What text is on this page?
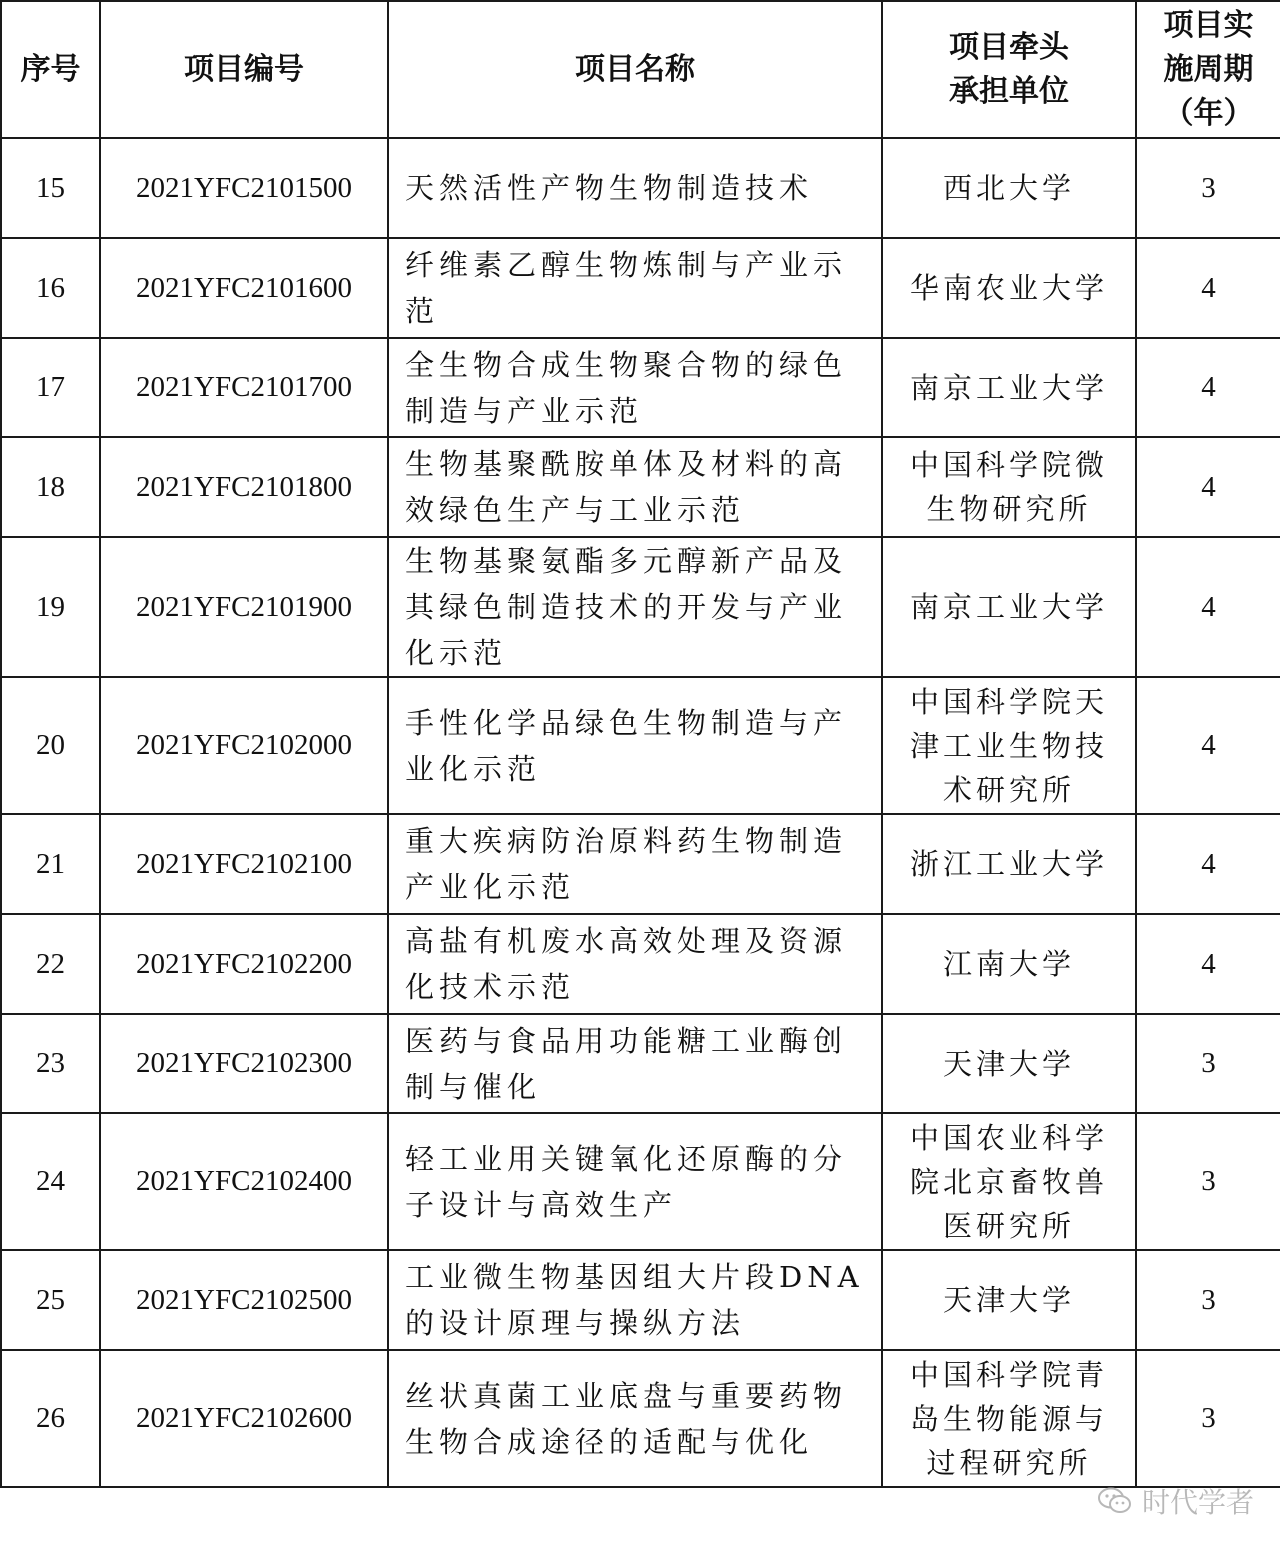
序号	项目编号	项目名称	项目牵头承担单位	项目实施周期（年）
15	2021YFC2101500	天然活性产物生物制造技术	西北大学	3
16	2021YFC2101600	纤维素乙醇生物炼制与产业示范	华南农业大学	4
17	2021YFC2101700	全生物合成生物聚合物的绿色制造与产业示范	南京工业大学	4
18	2021YFC2101800	生物基聚酰胺单体及材料的高效绿色生产与工业示范	中国科学院微生物研究所	4
19	2021YFC2101900	生物基聚氨酯多元醇新产品及其绿色制造技术的开发与产业化示范	南京工业大学	4
20	2021YFC2102000	手性化学品绿色生物制造与产业化示范	中国科学院天津工业生物技术研究所	4
21	2021YFC2102100	重大疾病防治原料药生物制造产业化示范	浙江工业大学	4
22	2021YFC2102200	高盐有机废水高效处理及资源化技术示范	江南大学	4
23	2021YFC2102300	医药与食品用功能糖工业酶创制与催化	天津大学	3
24	2021YFC2102400	轻工业用关键氧化还原酶的分子设计与高效生产	中国农业科学院北京畜牧兽医研究所	3
25	2021YFC2102500	工业微生物基因组大片段DNA的设计原理与操纵方法	天津大学	3
26	2021YFC2102600	丝状真菌工业底盘与重要药物生物合成途径的适配与优化	中国科学院青岛生物能源与过程研究所	3
时代学者
